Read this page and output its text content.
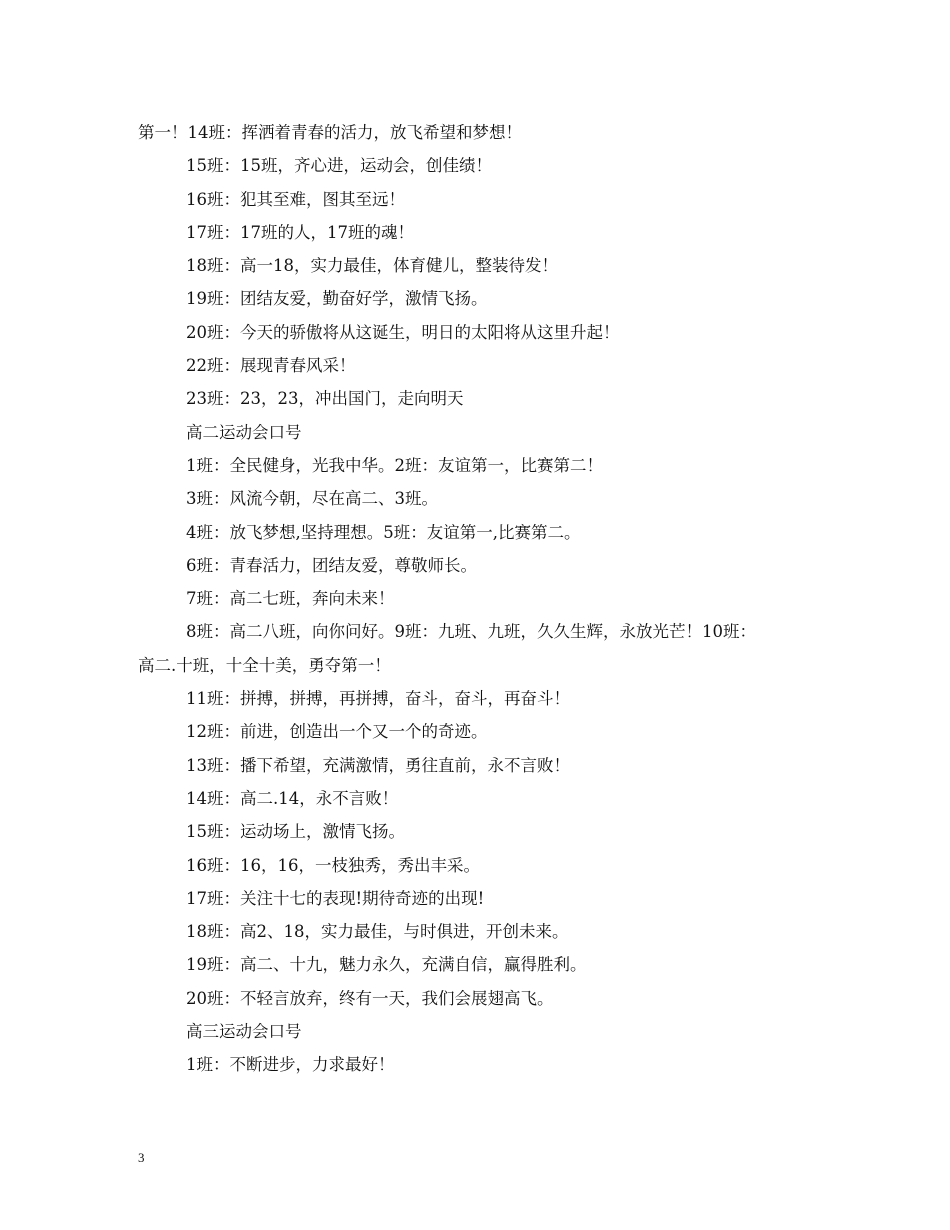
第一！14班：挥洒着青春的活力，放飞希望和梦想！
15班：15班，齐心进，运动会，创佳绩！
16班：犯其至难，图其至远！
17班：17班的人，17班的魂！
18班：高一18，实力最佳，体育健儿，整装待发！
19班：团结友爱，勤奋好学，激情飞扬。
20班：今天的骄傲将从这诞生，明日的太阳将从这里升起！
22班：展现青春风采！
23班：23，23，冲出国门，走向明天
高二运动会口号
1班：全民健身，光我中华。2班：友谊第一，比赛第二！
3班：风流今朝，尽在高二、3班。
4班：放飞梦想,坚持理想。5班：友谊第一,比赛第二。
6班：青春活力，团结友爱，尊敬师长。
7班：高二七班，奔向未来！
8班：高二八班，向你问好。9班：九班、九班，久久生辉，永放光芒！10班：
高二.十班，十全十美，勇夺第一！
11班：拼搏，拼搏，再拼搏，奋斗，奋斗，再奋斗！
12班：前进，创造出一个又一个的奇迹。
13班：播下希望，充满激情，勇往直前，永不言败！
14班：高二.14，永不言败！
15班：运动场上，激情飞扬。
16班：16，16，一枝独秀，秀出丰采。
17班：关注十七的表现!期待奇迹的出现!
18班：高2、18，实力最佳，与时俱进，开创未来。
19班：高二、十九，魅力永久，充满自信，赢得胜利。
20班：不轻言放弃，终有一天，我们会展翅高飞。
高三运动会口号
1班：不断进步，力求最好！
3
